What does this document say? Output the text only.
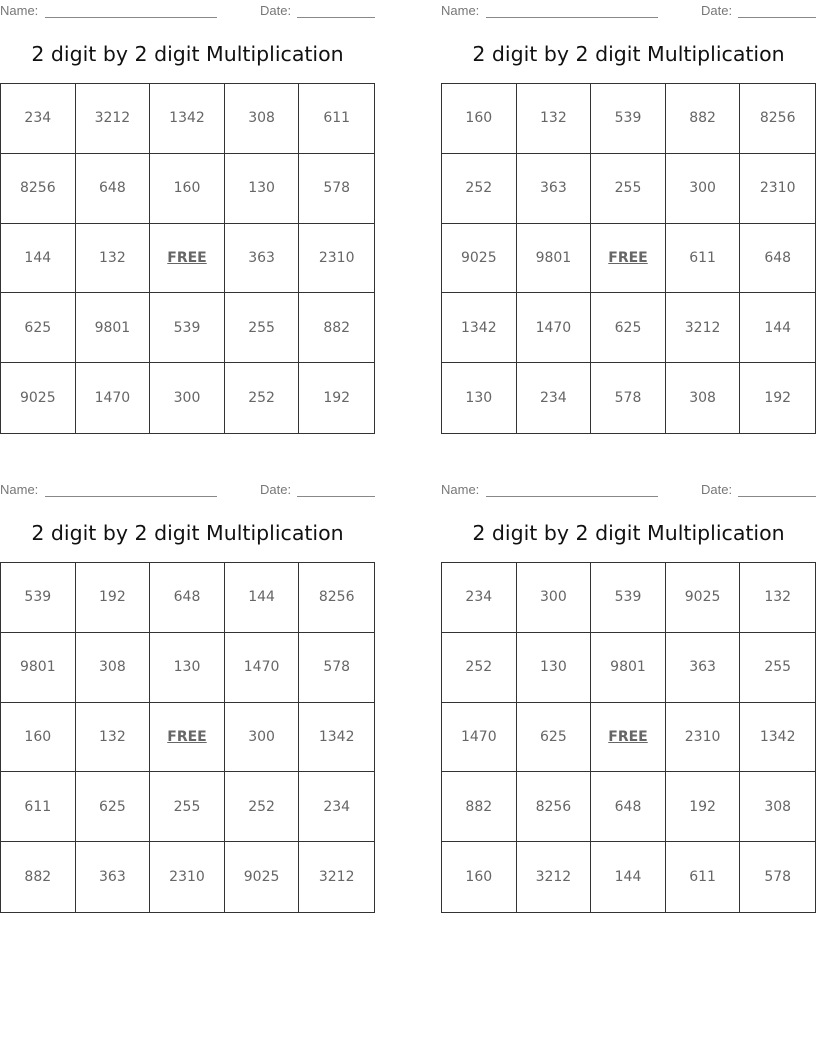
Name:	Date:
2 digit by 2 digit Multiplication
234	3212	1342	308	611
8256	648	160	130	578
144	132	FREE	363	2310
625	9801	539	255	882
9025	1470	300	252	192
Name:	Date:
2 digit by 2 digit Multiplication
160	132	539	882	8256
252	363	255	300	2310
9025	9801	FREE	611	648
1342	1470	625	3212	144
130	234	578	308	192
Name:	Date:
2 digit by 2 digit Multiplication
539	192	648	144	8256
9801	308	130	1470	578
160	132	FREE	300	1342
611	625	255	252	234
882	363	2310	9025	3212
Name:	Date:
2 digit by 2 digit Multiplication
234	300	539	9025	132
252	130	9801	363	255
1470	625	FREE	2310	1342
882	8256	648	192	308
160	3212	144	611	578
